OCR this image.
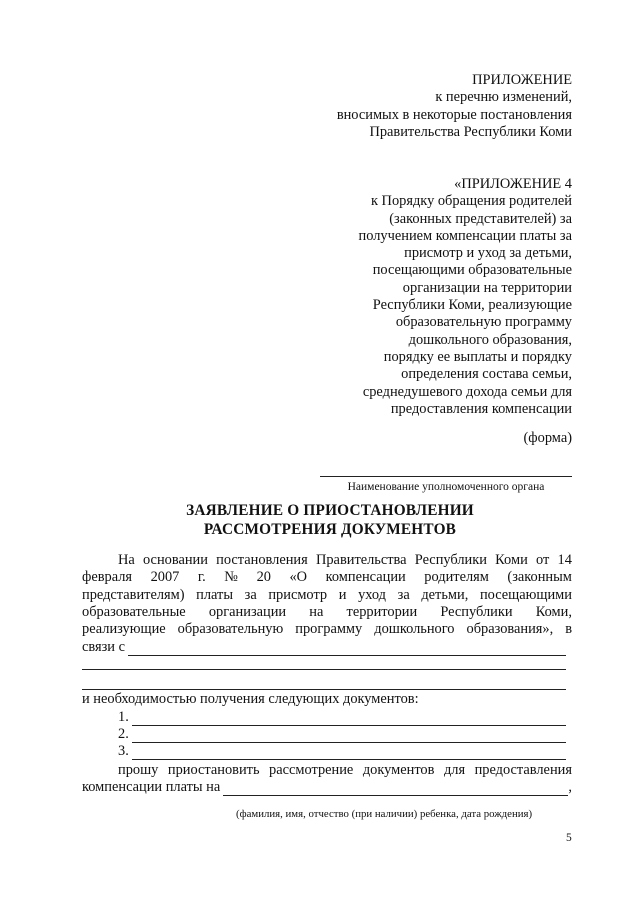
ПРИЛОЖЕНИЕ
к перечню изменений,
вносимых в некоторые постановления
Правительства Республики Коми
«ПРИЛОЖЕНИЕ 4
к Порядку обращения родителей
(законных представителей) за
получением компенсации платы за
присмотр и уход за детьми,
посещающими образовательные
организации на территории
Республики Коми, реализующие
образовательную программу
дошкольного образования,
порядку ее выплаты и порядку
определения состава семьи,
среднедушевого дохода семьи для
предоставления компенсации
(форма)
Наименование уполномоченного органа
ЗАЯВЛЕНИЕ О ПРИОСТАНОВЛЕНИИ
РАССМОТРЕНИЯ ДОКУМЕНТОВ
На основании постановления Правительства Республики Коми от 14
февраля 2007 г. № 20 «О компенсации родителям (законным
представителям) платы за присмотр и уход за детьми, посещающими
образовательные организации на территории Республики Коми,
реализующие образовательную программу дошкольного образования», в
связи с
и необходимостью получения следующих документов:
1.
2.
3.
прошу приостановить рассмотрение документов для предоставления
компенсации платы на	,
(фамилия, имя, отчество (при наличии) ребенка, дата рождения)
5
